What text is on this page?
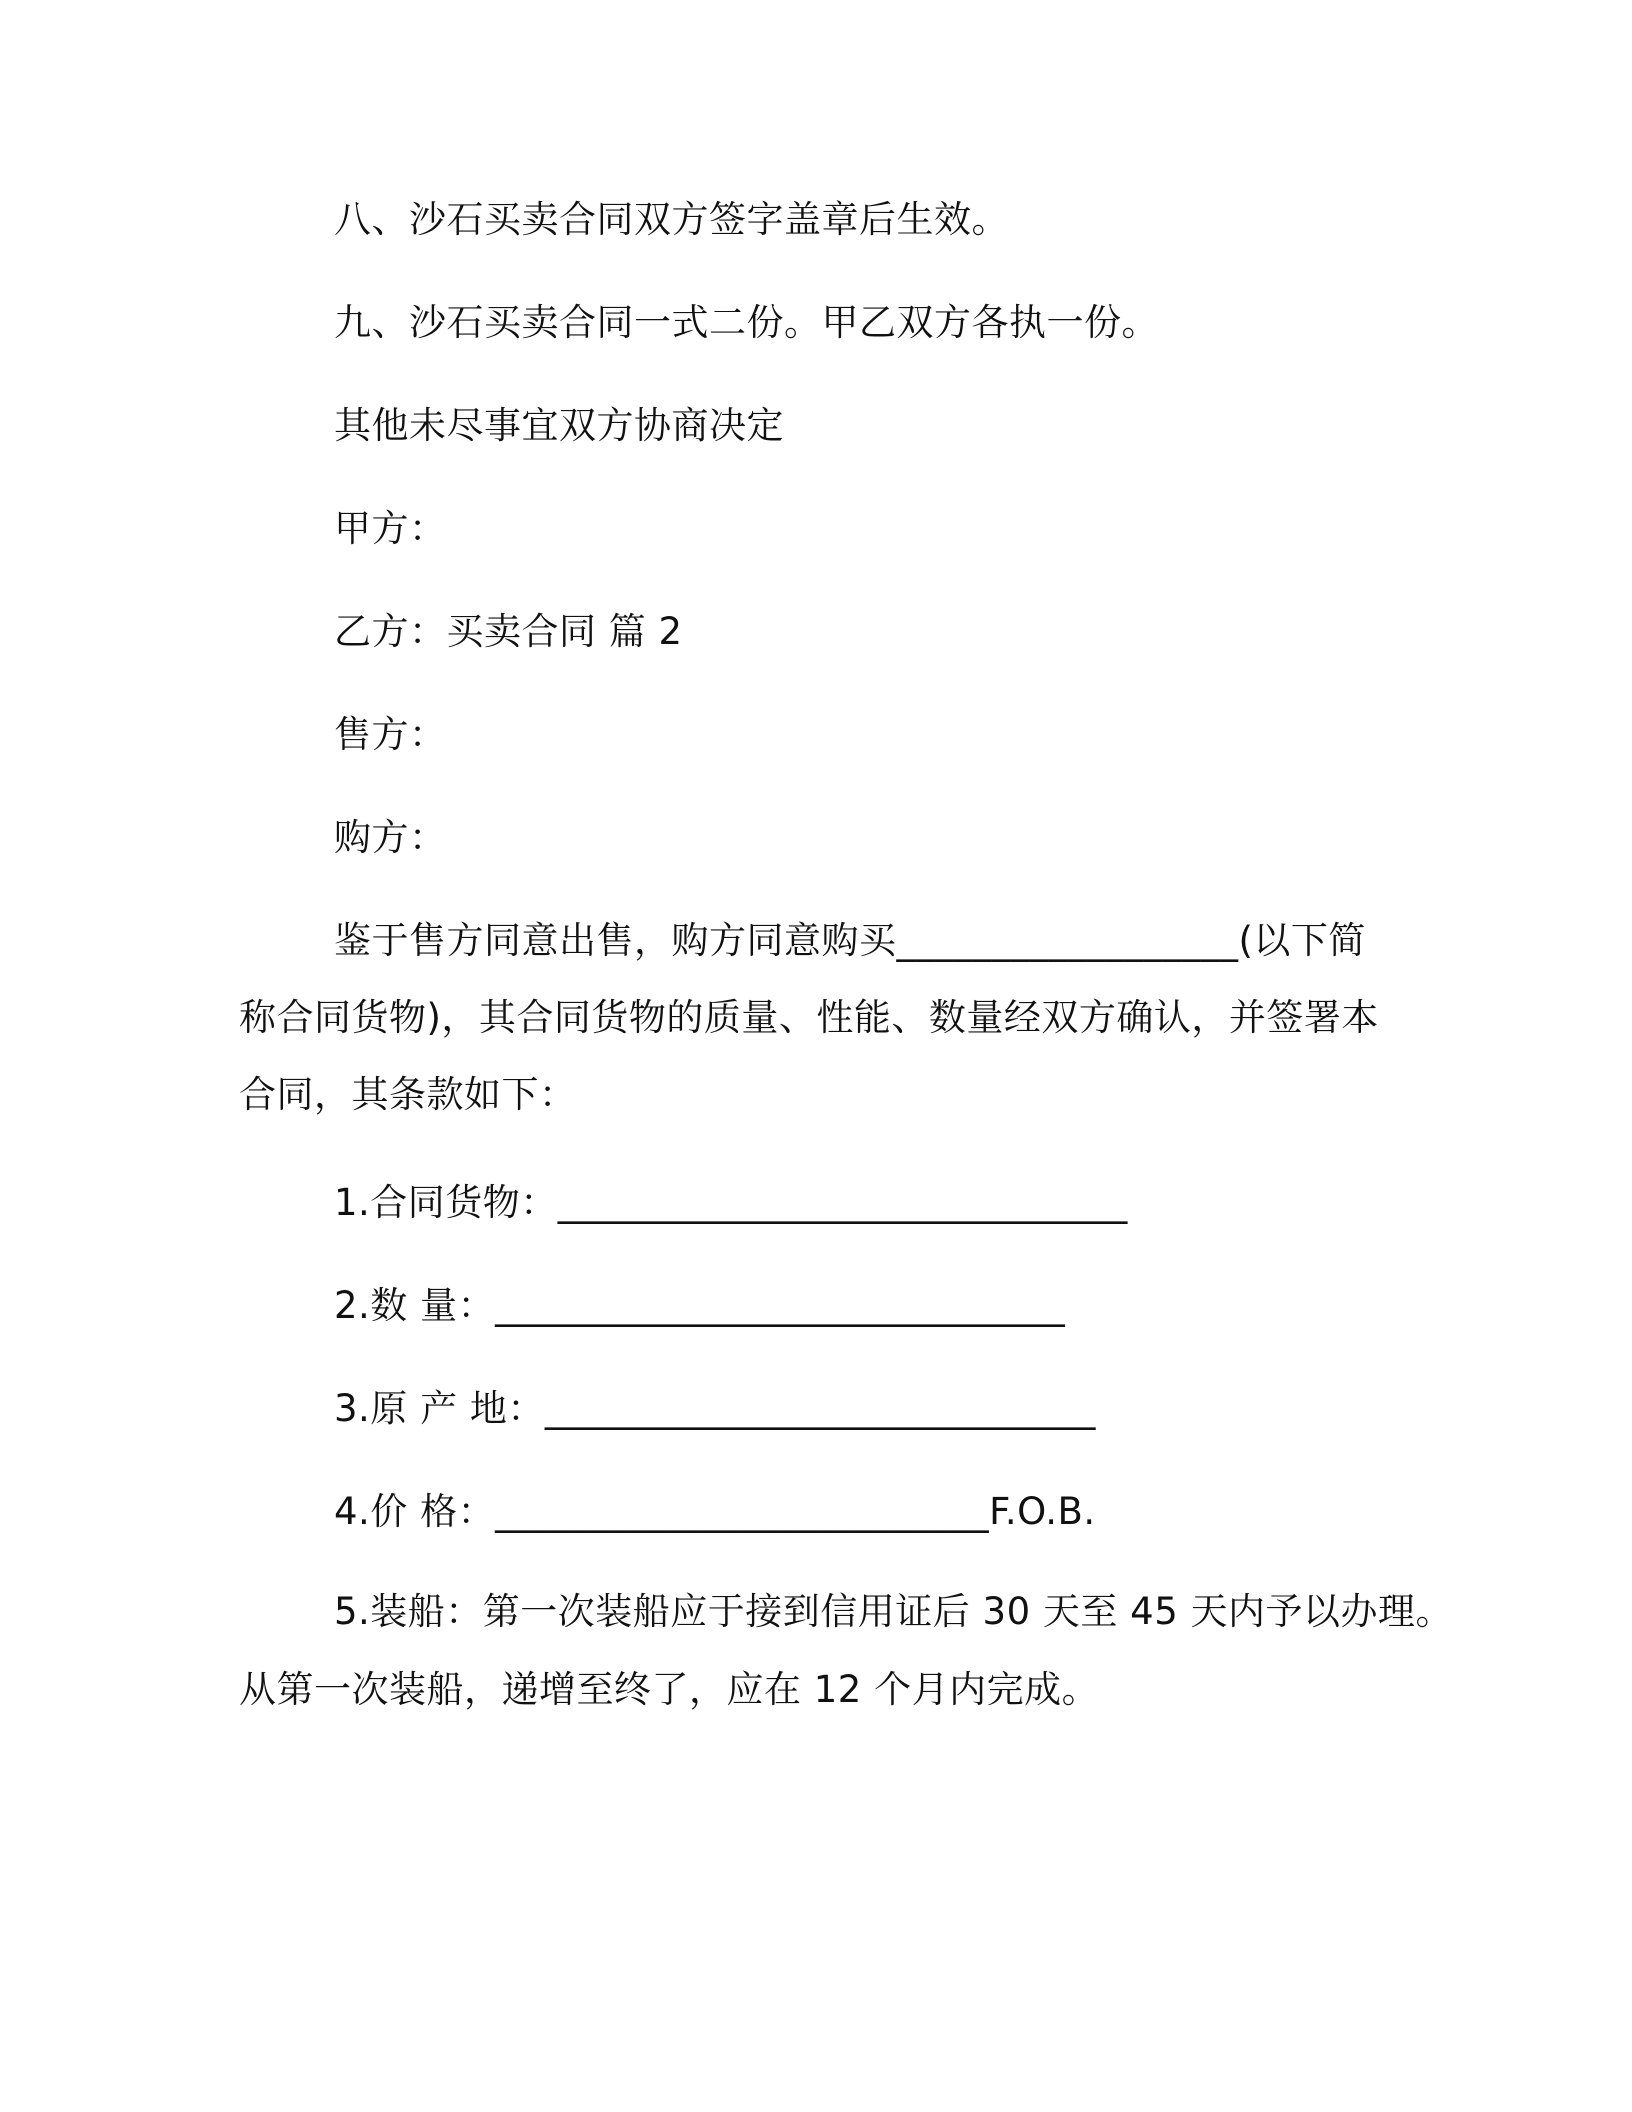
八、沙石买卖合同双方签字盖章后生效。
九、沙石买卖合同一式二份。甲乙双方各执一份。
其他未尽事宜双方协商决定
甲方：
乙方：买卖合同 篇 2
售方：
购方：
鉴于售方同意出售，购方同意购买__________________(以下简
称合同货物)，其合同货物的质量、性能、数量经双方确认，并签署本
合同，其条款如下：
1.合同货物：______________________________
2.数 量：______________________________
3.原 产 地：_____________________________
4.价 格：__________________________F.O.B.
5.装船：第一次装船应于接到信用证后 30 天至 45 天内予以办理。
从第一次装船，递增至终了，应在 12 个月内完成。
